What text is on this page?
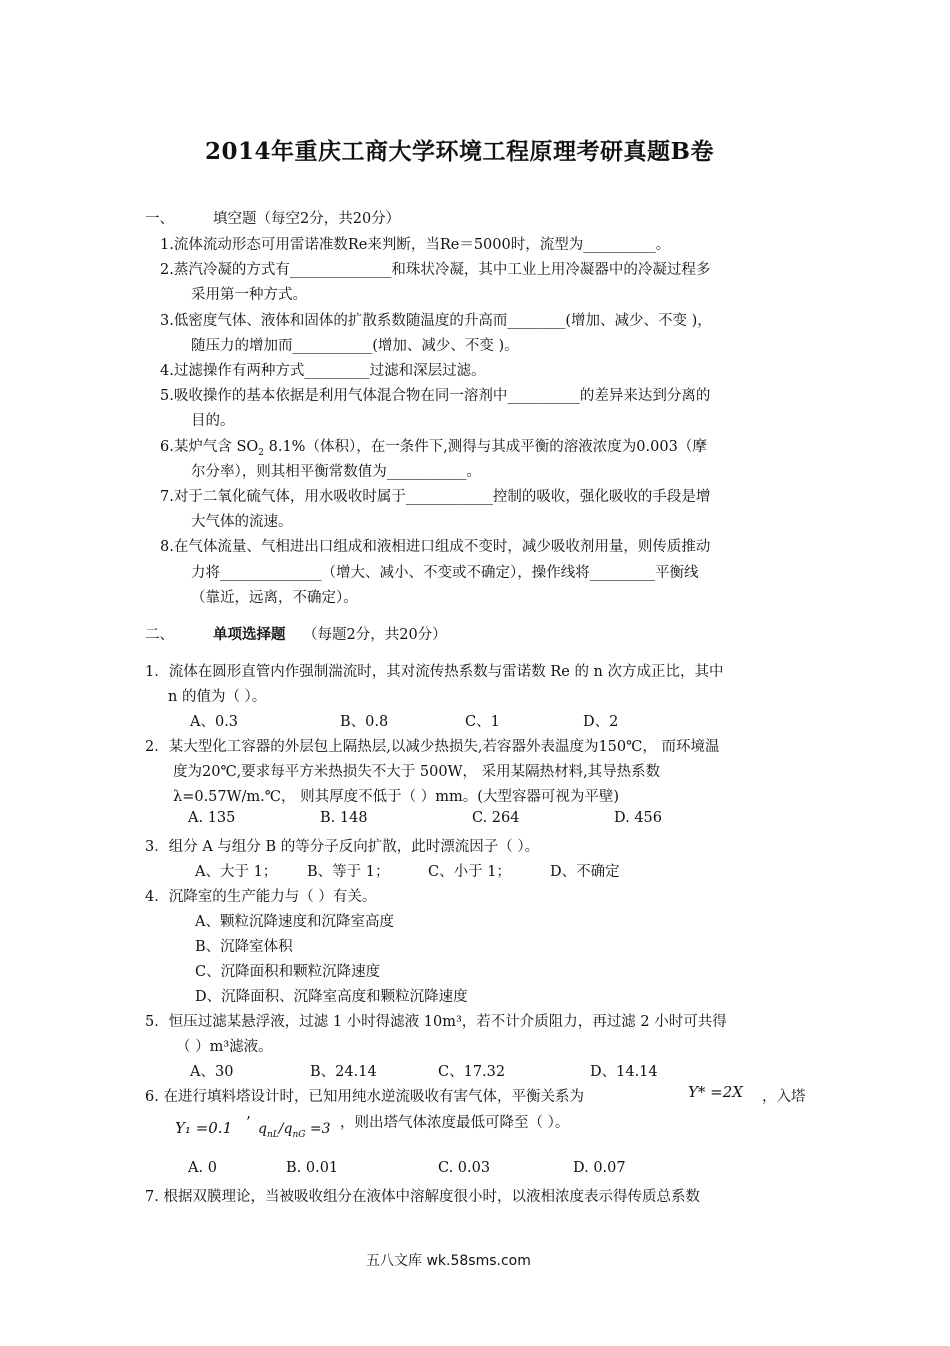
2014年重庆工商大学环境工程原理考研真题B卷
一、	填空题（每空2分，共20分）
1.流体流动形态可用雷诺准数Re来判断，当Re＝5000时，流型为__________。
2.蒸汽冷凝的方式有______________和珠状冷凝，其中工业上用冷凝器中的冷凝过程多
采用第一种方式。
3.低密度气体、液体和固体的扩散系数随温度的升高而________(增加、减少、不变 )，
随压力的增加而___________(增加、减少、不变 )。
4.过滤操作有两种方式_________过滤和深层过滤。
5.吸收操作的基本依据是利用气体混合物在同一溶剂中__________的差异来达到分离的
目的。
6.某炉气含 $SO_2$ 8.1%（体积），在一条件下,测得与其成平衡的溶液浓度为0.003（摩
尔分率），则其相平衡常数值为___________。
7.对于二氧化硫气体，用水吸收时属于____________控制的吸收，强化吸收的手段是增
大气体的流速。
8.在气体流量、气相进出口组成和液相进口组成不变时，减少吸收剂用量，则传质推动
力将______________（增大、减小、不变或不确定），操作线将_________平衡线
（靠近，远离，不确定）。
二、	单项选择题 （每题2分，共20分）
1．流体在圆形直管内作强制湍流时，其对流传热系数与雷诺数 Re 的 n 次方成正比，其中
n 的值为（ ）。
A、0.3	B、0.8	C、1	D、2
2．某大型化工容器的外层包上隔热层,以减少热损失,若容器外表温度为150℃， 而环境温
度为20℃,要求每平方米热损失不大于 500W， 采用某隔热材料,其导热系数
λ=0.57W/m.℃， 则其厚度不低于（ ）mm。(大型容器可视为平壁)
A. 135	B. 148	C. 264	D. 456
3．组分 A 与组分 B 的等分子反向扩散，此时漂流因子（ ）。
A、大于 1； B、等于 1；	C、小于 1；	D、不确定
4．沉降室的生产能力与（ ）有关。
A、颗粒沉降速度和沉降室高度
B、沉降室体积
C、沉降面积和颗粒沉降速度
D、沉降面积、沉降室高度和颗粒沉降速度
5．恒压过滤某悬浮液，过滤 1 小时得滤液 10m³，若不计介质阻力，再过滤 2 小时可共得
（ ）m³滤液。
A、30	B、24.14	C、17.32	D、14.14
6. 在进行填料塔设计时，已知用纯水逆流吸收有害气体，平衡关系为	Y* =2X ，入塔
Y₁ =0.1 ’ $q_{nL}/q_{nG} =3$ ，则出塔气体浓度最低可降至（ ）。
A. 0	B. 0.01	C. 0.03	D. 0.07
7. 根据双膜理论，当被吸收组分在液体中溶解度很小时，以液相浓度表示得传质总系数
五八文库 wk.58sms.com
